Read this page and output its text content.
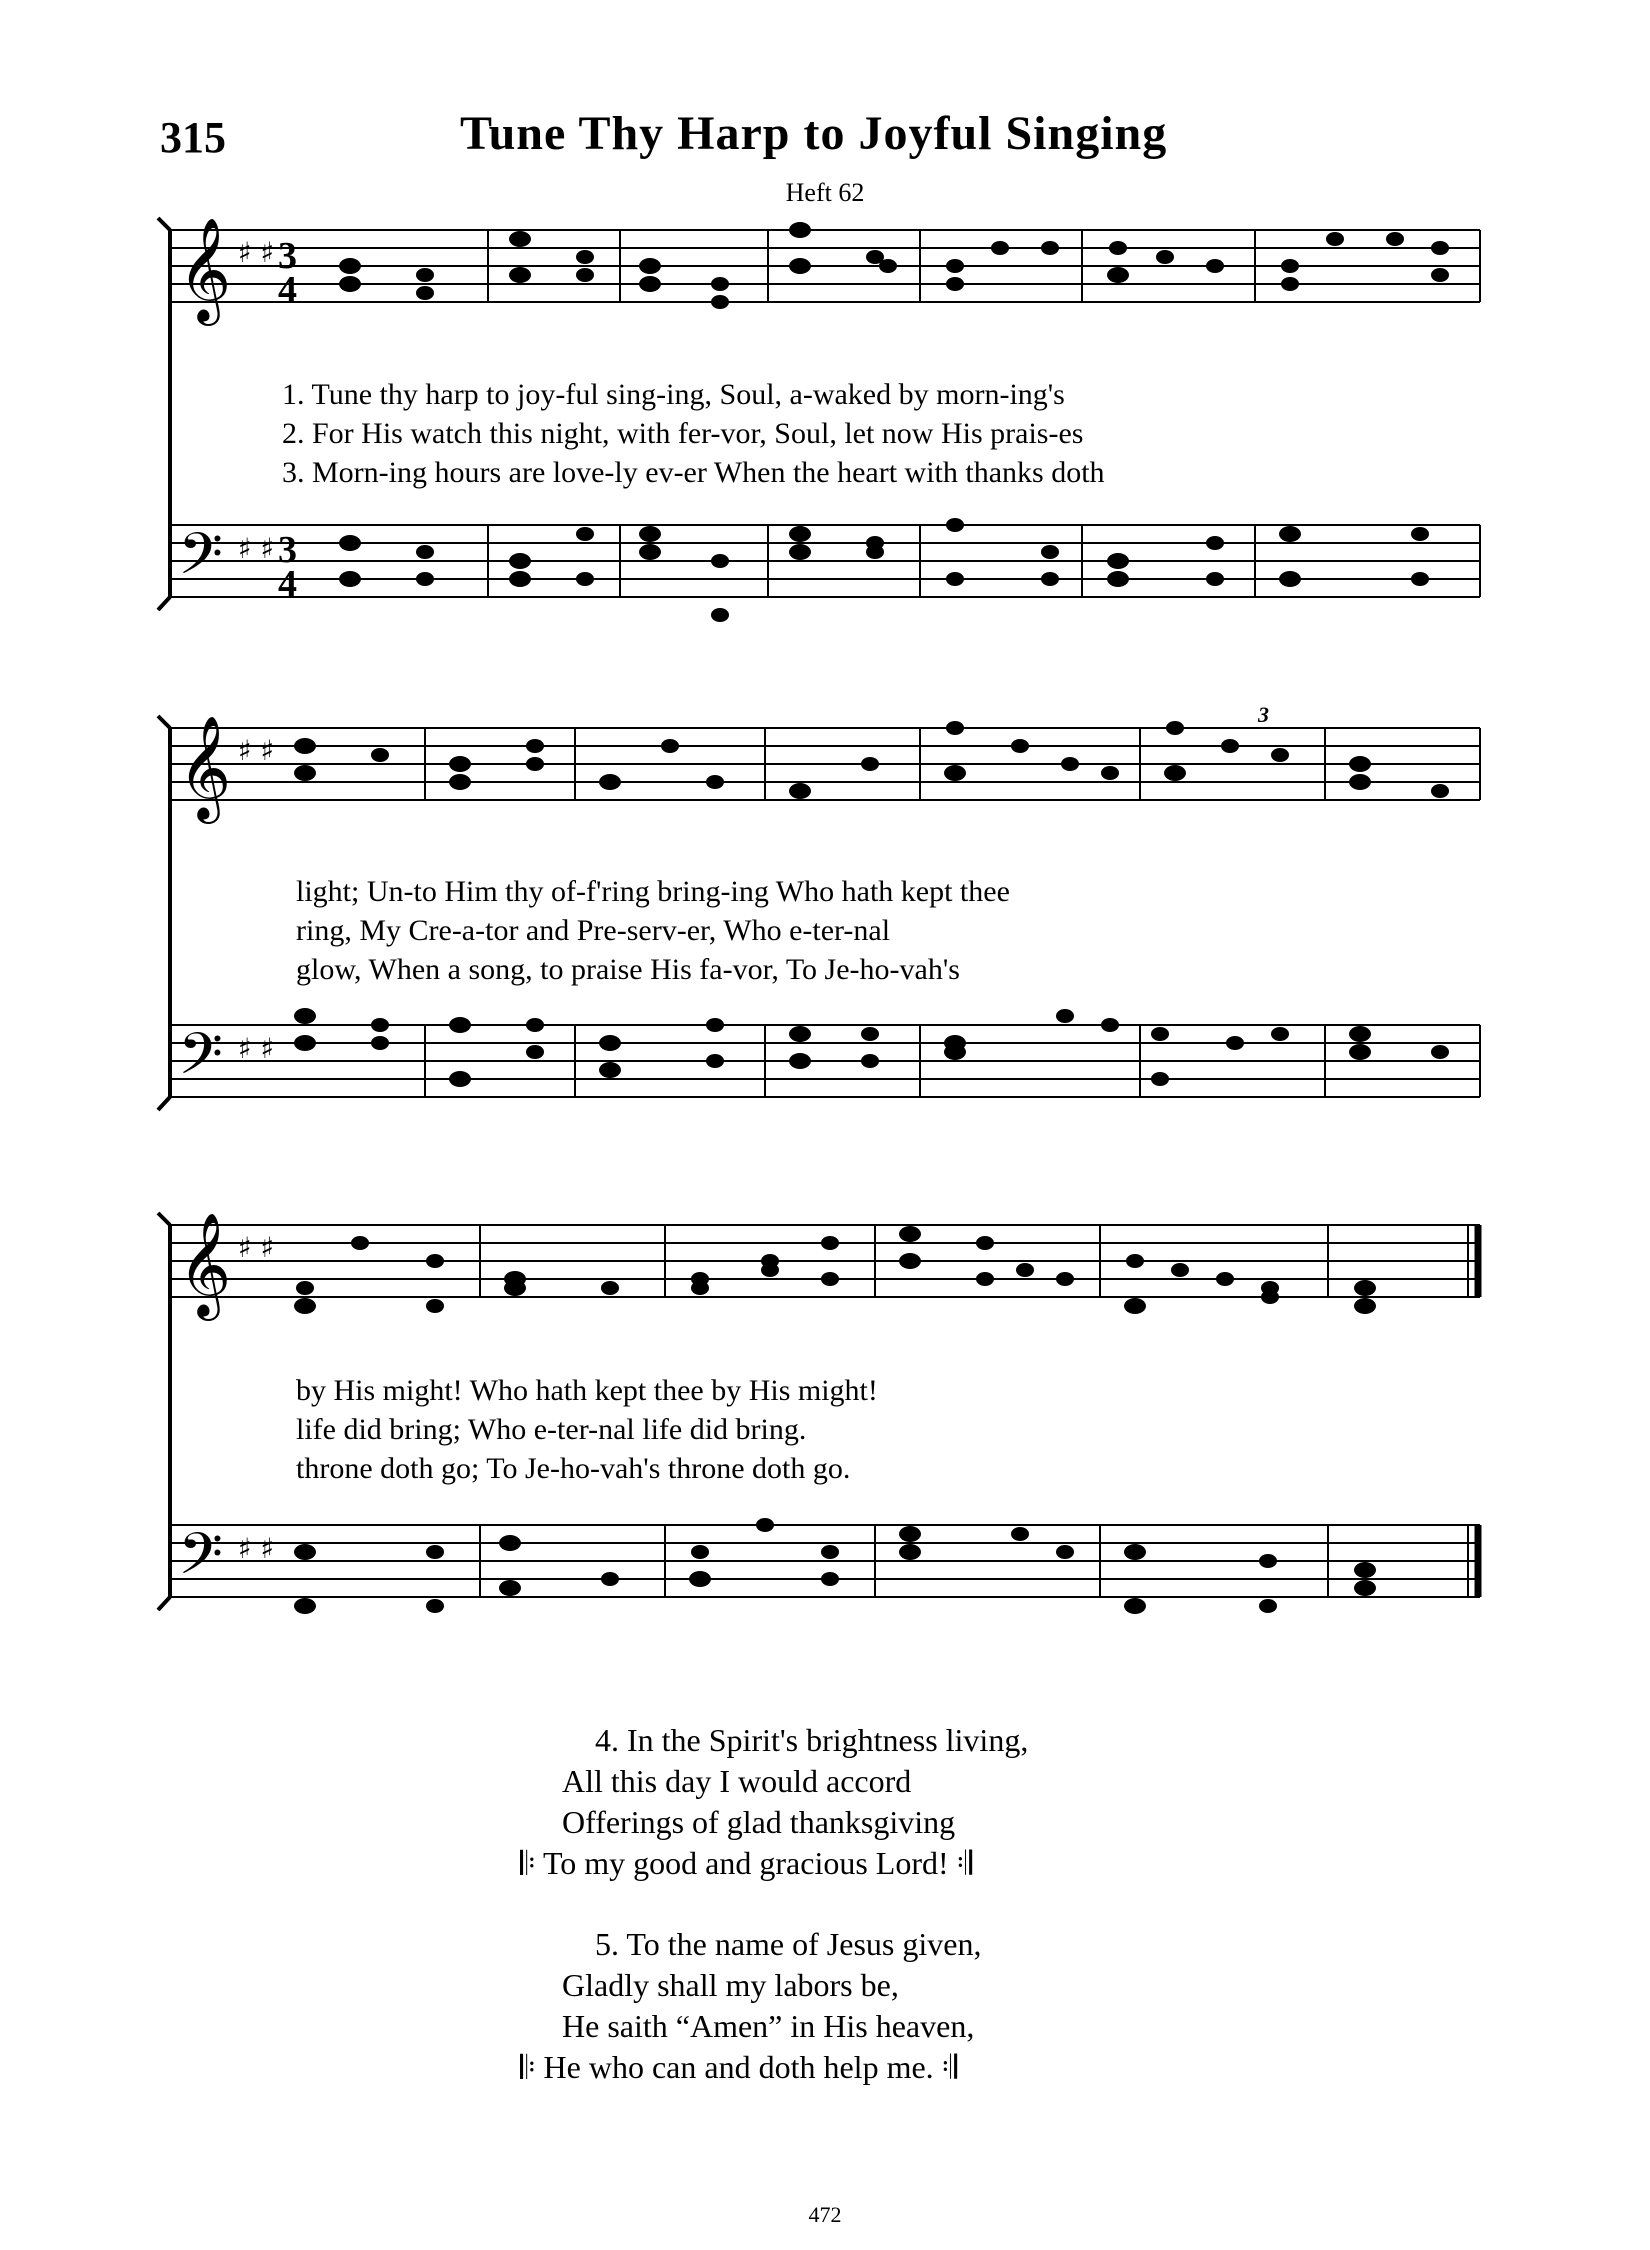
315	Tune Thy Harp to Joyful Singing
Heft 62
𝄞
𝄢
♯ ♯
♯ ♯
3
4
3
4
1. Tune thy harp to joy-ful sing-ing, Soul, a-waked by morn-ing's
2. For His watch this night, with fer-vor, Soul, let now His prais-es
3. Morn-ing hours are love-ly ev-er When the heart with thanks doth
𝄞
𝄢
♯ ♯
♯ ♯
3
light; Un-to Him thy of-f'ring bring-ing Who hath kept thee
ring, My Cre-a-tor and Pre-serv-er, Who e-ter-nal
glow, When a song, to praise His fa-vor, To Je-ho-vah's
𝄞
𝄢
♯ ♯
♯ ♯
by His might! Who hath kept thee by His might!
life did bring; Who e-ter-nal life did bring.
throne doth go; To Je-ho-vah's throne doth go.
4. In the Spirit's brightness living,
All this day I would accord
Offerings of glad thanksgiving
𝄆 To my good and gracious Lord! 𝄇
5. To the name of Jesus given,
Gladly shall my labors be,
He saith “Amen” in His heaven,
𝄆 He who can and doth help me. 𝄇
472
